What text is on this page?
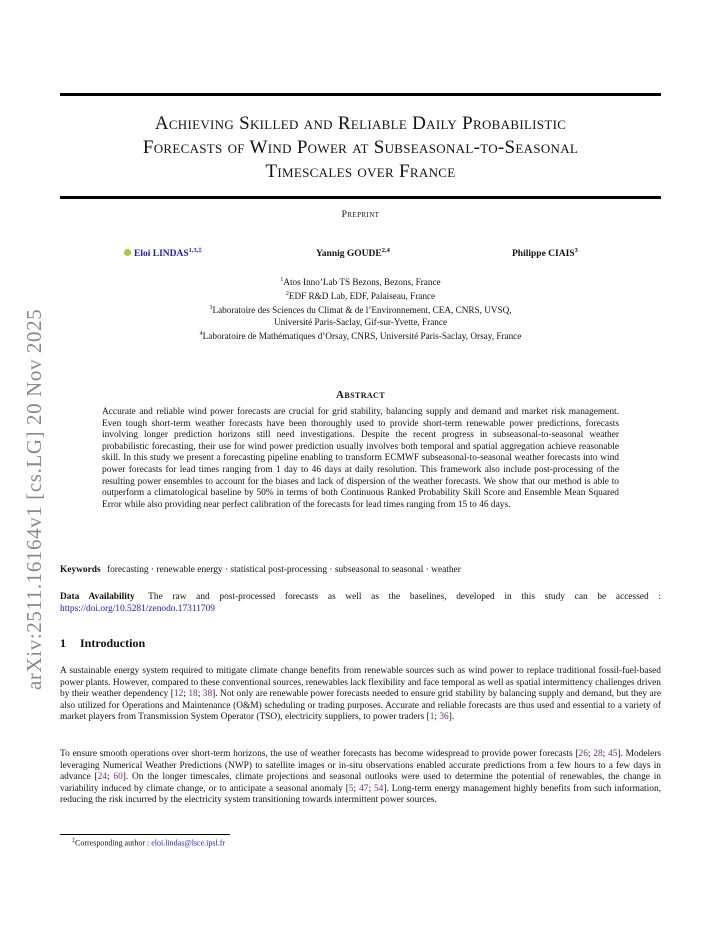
arXiv:2511.16164v1 [cs.LG] 20 Nov 2025
Achieving Skilled and Reliable Daily Probabilistic
Forecasts of Wind Power at Subseasonal-to-Seasonal
Timescales over France
Preprint
Eloi $LINDAS^{1,3,\ddagger}$	Yannig GOUDE$^{2,4}$	Philippe CIAIS$^3$
$^1$Atos Inno’Lab TS Bezons, Bezons, France
$^2$EDF R&D Lab, EDF, Palaiseau, France
$^3$Laboratoire des Sciences du Climat & de l’Environnement, CEA, CNRS, UVSQ,
Université Paris-Saclay, Gif-sur-Yvette, France
$^4$Laboratoire de Mathématiques d’Orsay, CNRS, Université Paris-Saclay, Orsay, France
Abstract
Accurate and reliable wind power forecasts are crucial for grid stability, balancing supply and demand and market risk management. Even tough short-term weather forecasts have been thoroughly used to provide short-term renewable power predictions, forecasts involving longer prediction horizons still need investigations. Despite the recent progress in subseasonal-to-seasonal weather probabilistic forecasting, their use for wind power prediction usually involves both temporal and spatial aggregation achieve reasonable skill. In this study we present a forecasting pipeline enabling to transform ECMWF subseasonal-to-seasonal weather forecasts into wind power forecasts for lead times ranging from 1 day to 46 days at daily resolution. This framework also include post-processing of the resulting power ensembles to account for the biases and lack of dispersion of the weather forecasts. We show that our method is able to outperform a climatological baseline by 50% in terms of both Continuous Ranked Probability Skill Score and Ensemble Mean Squared Error while also providing near perfect calibration of the forecasts for lead times ranging from 15 to 46 days.
Keywords forecasting · renewable energy · statistical post-processing · subseasonal to seasonal · weather
Data Availability The raw and post-processed forecasts as well as the baselines, developed in this study can be accessed : https://doi.org/10.5281/zenodo.17311709
1 Introduction
A sustainable energy system required to mitigate climate change benefits from renewable sources such as wind power to replace traditional fossil-fuel-based power plants. However, compared to these conventional sources, renewables lack flexibility and face temporal as well as spatial intermittency challenges driven by their weather dependency [12; 18; 38]. Not only are renewable power forecasts needed to ensure grid stability by balancing supply and demand, but they are also utilized for Operations and Maintenance (O&M) scheduling or trading purposes. Accurate and reliable forecasts are thus used and essential to a variety of market players from Transmission System Operator (TSO), electricity suppliers, to power traders [1; 36].
To ensure smooth operations over short-term horizons, the use of weather forecasts has become widespread to provide power forecasts [26; 28; 45]. Modelers leveraging Numerical Weather Predictions (NWP) to satellite images or in-situ observations enabled accurate predictions from a few hours to a few days in advance [24; 60]. On the longer timescales, climate projections and seasonal outlooks were used to determine the potential of renewables, the change in variability induced by climate change, or to anticipate a seasonal anomaly [5; 47; 54]. Long-term energy management highly benefits from such information, reducing the risk incurred by the electricity system transitioning towards intermittent power sources.
‡Corresponding author : eloi.lindas@lsce.ipsl.fr
